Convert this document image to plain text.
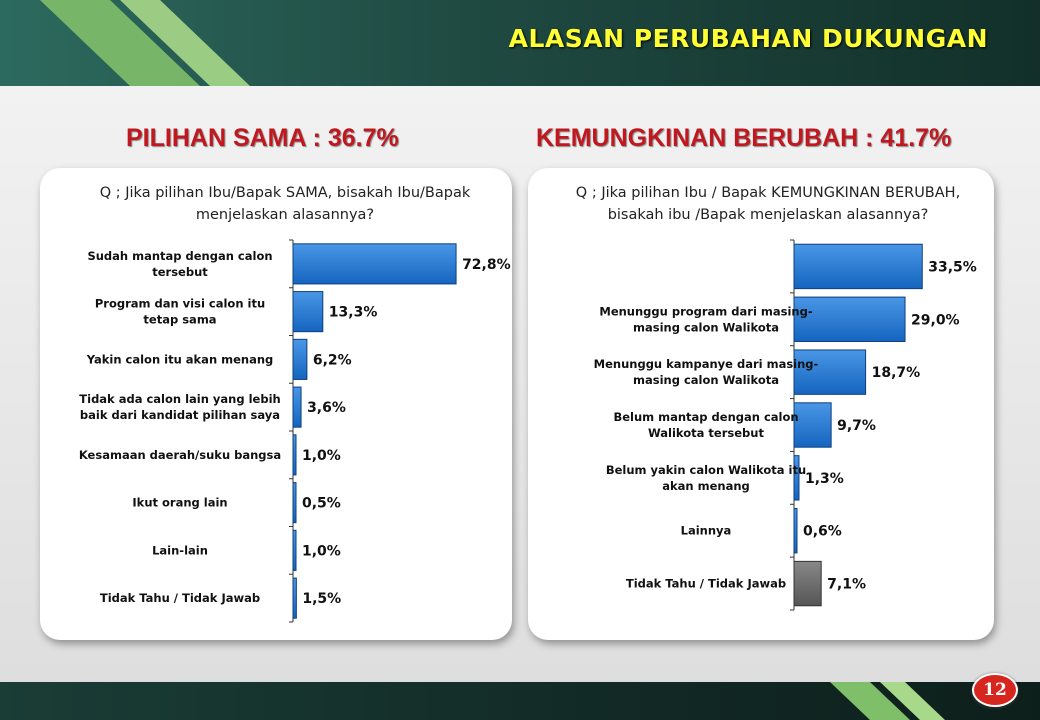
ALASAN PERUBAHAN DUKUNGAN
PILIHAN SAMA : 36.7%	KEMUNGKINAN BERUBAH : 41.7%
Q ; Jika pilihan Ibu/Bapak SAMA, bisakah Ibu/Bapak
menjelaskan alasannya?
72,8%
Sudah mantap dengan calon
tersebut
13,3%
Program dan visi calon itu
tetap sama
6,2%
Yakin calon itu akan menang
3,6%
Tidak ada calon lain yang lebih
baik dari kandidat pilihan saya
1,0%
Kesamaan daerah/suku bangsa
0,5%
Ikut orang lain
1,0%
Lain-lain
1,5%
Tidak Tahu / Tidak Jawab
Q ; Jika pilihan Ibu / Bapak KEMUNGKINAN BERUBAH,
bisakah ibu /Bapak menjelaskan alasannya?
33,5%
29,0%
Menunggu program dari masing-
masing calon Walikota
18,7%
Menunggu kampanye dari masing-
masing calon Walikota
9,7%
Belum mantap dengan calon
Walikota tersebut
1,3%
Belum yakin calon Walikota itu
akan menang
0,6%
Lainnya
7,1%
Tidak Tahu / Tidak Jawab
12
